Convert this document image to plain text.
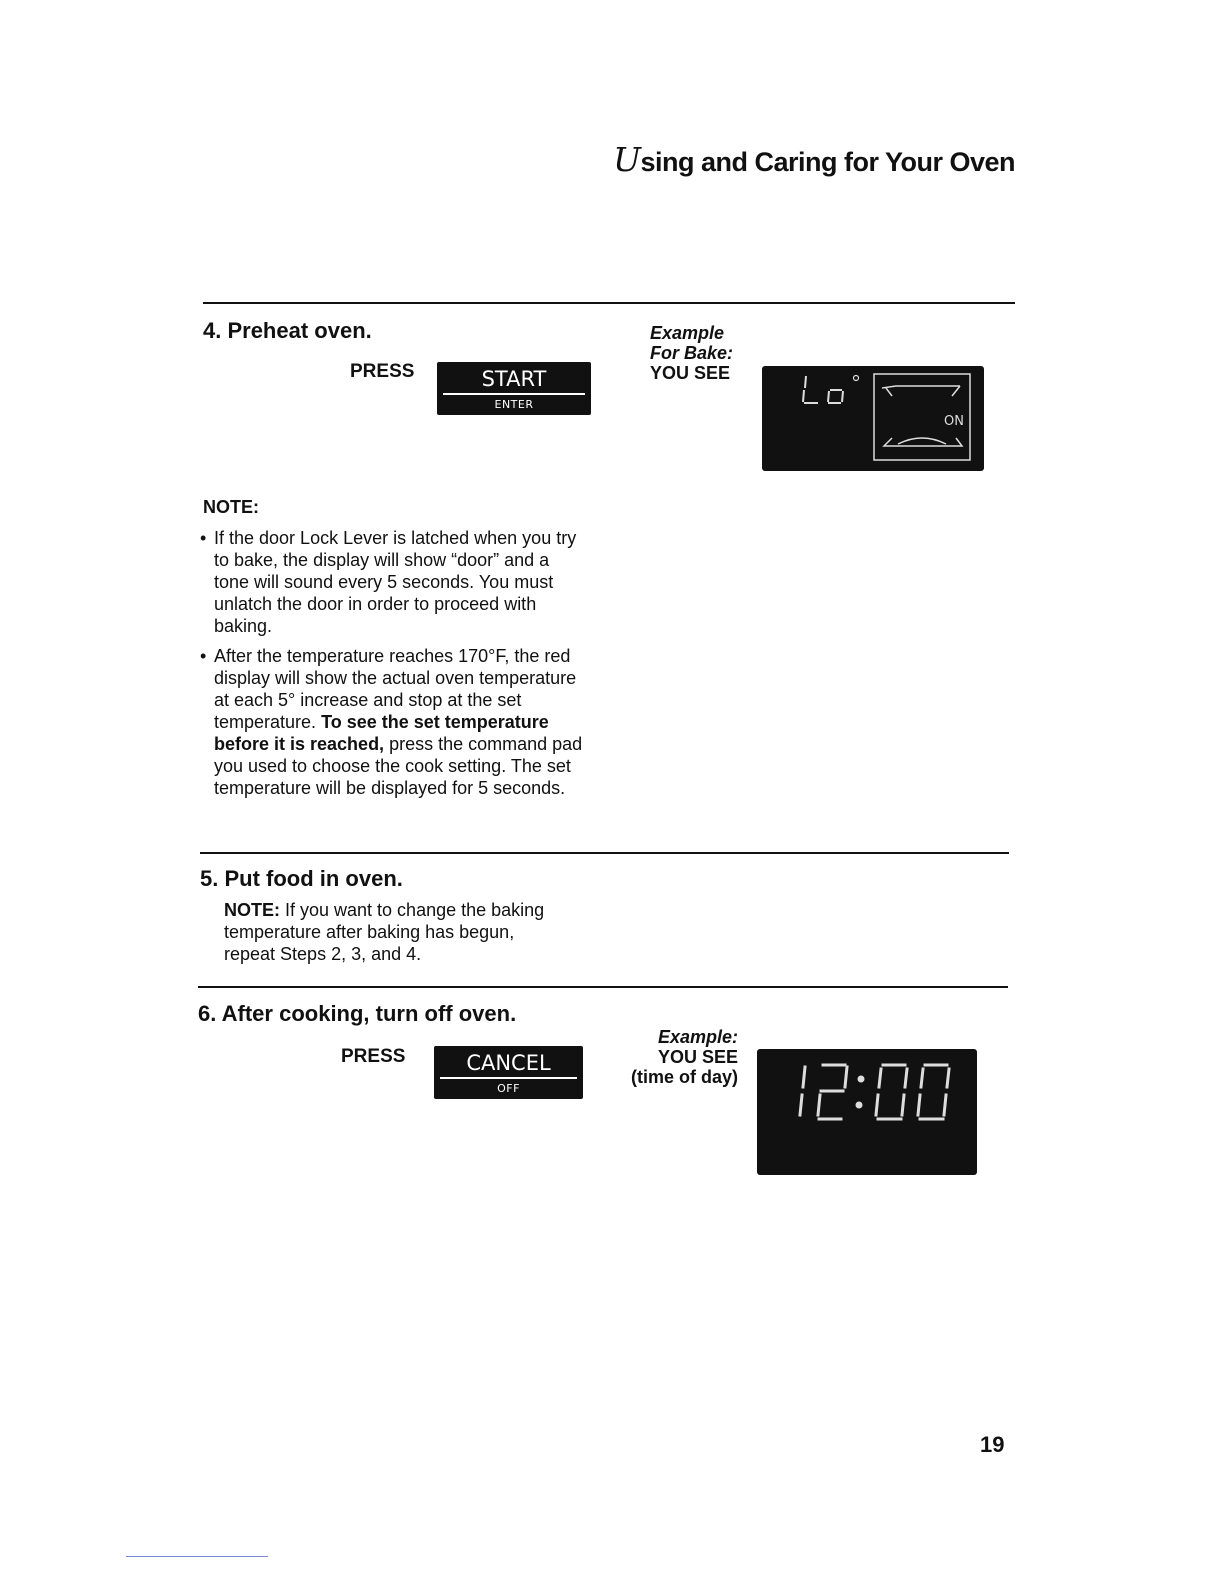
Using and Caring for Your Oven
4. Preheat oven.
PRESS	START
ENTER
Example
For Bake:
YOU SEE
ON
NOTE:
• If the door Lock Lever is latched when you try to bake, the display will show “door” and a tone will sound every 5 seconds. You must unlatch the door in order to proceed with baking.
• After the temperature reaches 170°F, the red display will show the actual oven temperature at each 5° increase and stop at the set temperature. To see the set temperature before it is reached, press the command pad you used to choose the cook setting. The set temperature will be displayed for 5 seconds.
5. Put food in oven.
NOTE: If you want to change the baking temperature after baking has begun, repeat Steps 2, 3, and 4.
6. After cooking, turn off oven.
PRESS	CANCEL
OFF
Example:
YOU SEE
(time of day)
19
